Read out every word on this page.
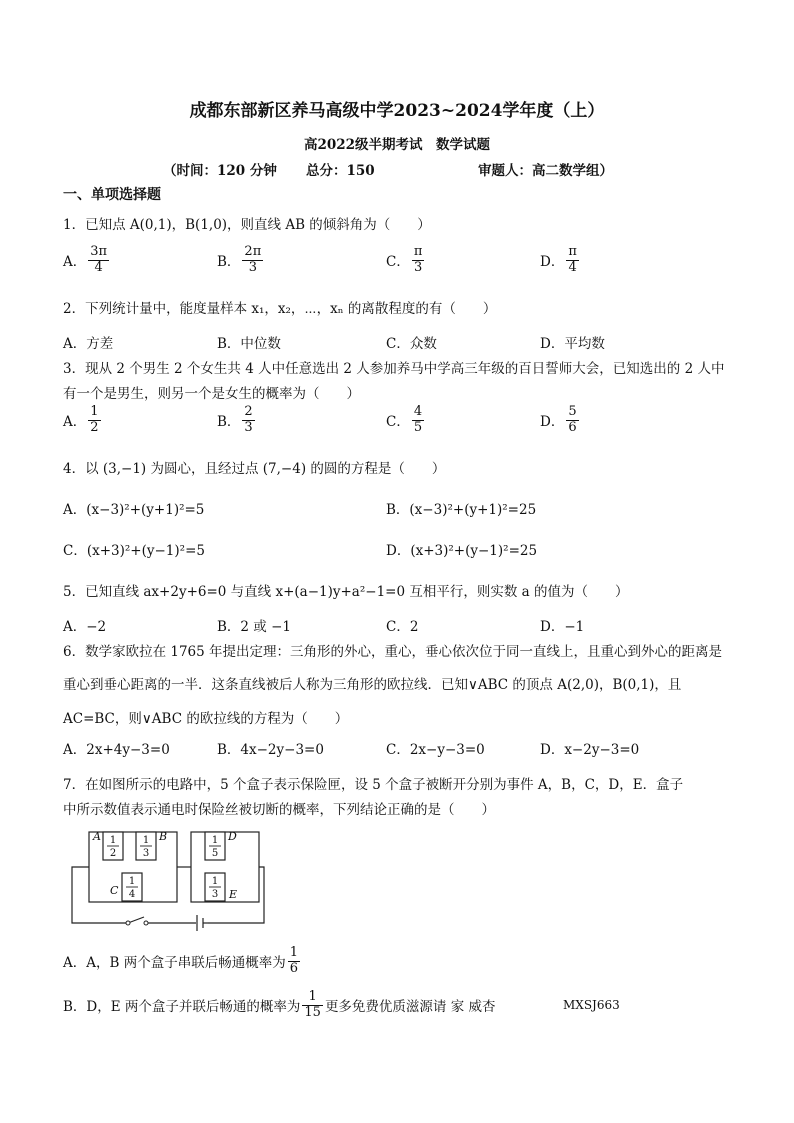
成都东部新区养马高级中学2023~2024学年度（上）
高2022级半期考试　数学试题
（时间：120 分钟 总分：150	审题人：高二数学组）
一、单项选择题
1．已知点 A(0,1)，B(1,0)，则直线 AB 的倾斜角为（　　）
A． $\frac{3\pi}{4}$	B． $\frac{2\pi}{3}$	C． $\frac{\pi}{3}$	D． $\frac{\pi}{4}$
2．下列统计量中，能度量样本 x₁，x₂，⋯，xₙ 的离散程度的有（　　）
A．方差	B．中位数	C．众数	D．平均数
3．现从 2 个男生 2 个女生共 4 人中任意选出 2 人参加养马中学高三年级的百日誓师大会，已知选出的 2 人中
有一个是男生，则另一个是女生的概率为（　　）
A． $\frac{1}{2}$	B． $\frac{2}{3}$	C． $\frac{4}{5}$	D． $\frac{5}{6}$
4．以 (3,−1) 为圆心，且经过点 (7,−4) 的圆的方程是（　　）
A．(x−3)²+(y+1)²=5	B．(x−3)²+(y+1)²=25
C．(x+3)²+(y−1)²=5	D．(x+3)²+(y−1)²=25
5．已知直线 ax+2y+6=0 与直线 x+(a−1)y+a²−1=0 互相平行，则实数 a 的值为（　　）
A．−2	B．2 或 −1	C．2	D．−1
6．数学家欧拉在 1765 年提出定理：三角形的外心，重心，垂心依次位于同一直线上，且重心到外心的距离是
重心到垂心距离的一半．这条直线被后人称为三角形的欧拉线．已知∨ABC 的顶点 A(2,0)，B(0,1)，且
AC=BC，则∨ABC 的欧拉线的方程为（　　）
A．2x+4y−3=0	B．4x−2y−3=0	C．2x−y−3=0	D．x−2y−3=0
7．在如图所示的电路中，5 个盒子表示保险匣，设 5 个盒子被断开分别为事件 A，B，C，D，E．盒子
中所示数值表示通电时保险丝被切断的概率，下列结论正确的是（　　）
1
2
1
3
1
4
1
5
1
3
A	B
C
D
E
A．A，B 两个盒子串联后畅通概率为 $\frac{1}{6}$
B．D，E 两个盒子并联后畅通的概率为 $\frac{1}{15}$ 更多免费优质滋源请 家 威杏	MXSJ663
